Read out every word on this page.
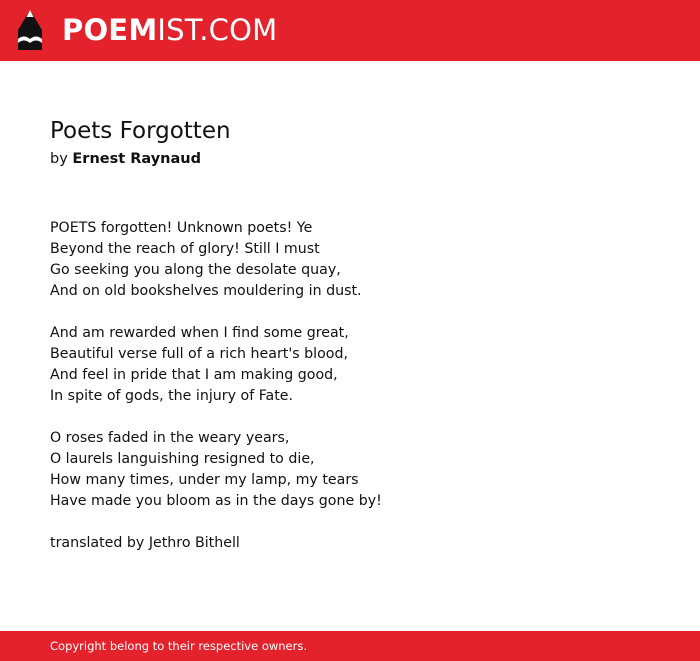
POEMIST.COM
Poets Forgotten
by Ernest Raynaud

POETS forgotten! Unknown poets! Ye
Beyond the reach of glory! Still I must
Go seeking you along the desolate quay,
And on old bookshelves mouldering in dust.

And am rewarded when I find some great,
Beautiful verse full of a rich heart's blood,
And feel in pride that I am making good,
In spite of gods, the injury of Fate.

O roses faded in the weary years,
O laurels languishing resigned to die,
How many times, under my lamp, my tears
Have made you bloom as in the days gone by!

translated by Jethro Bithell
Copyright belong to their respective owners.
